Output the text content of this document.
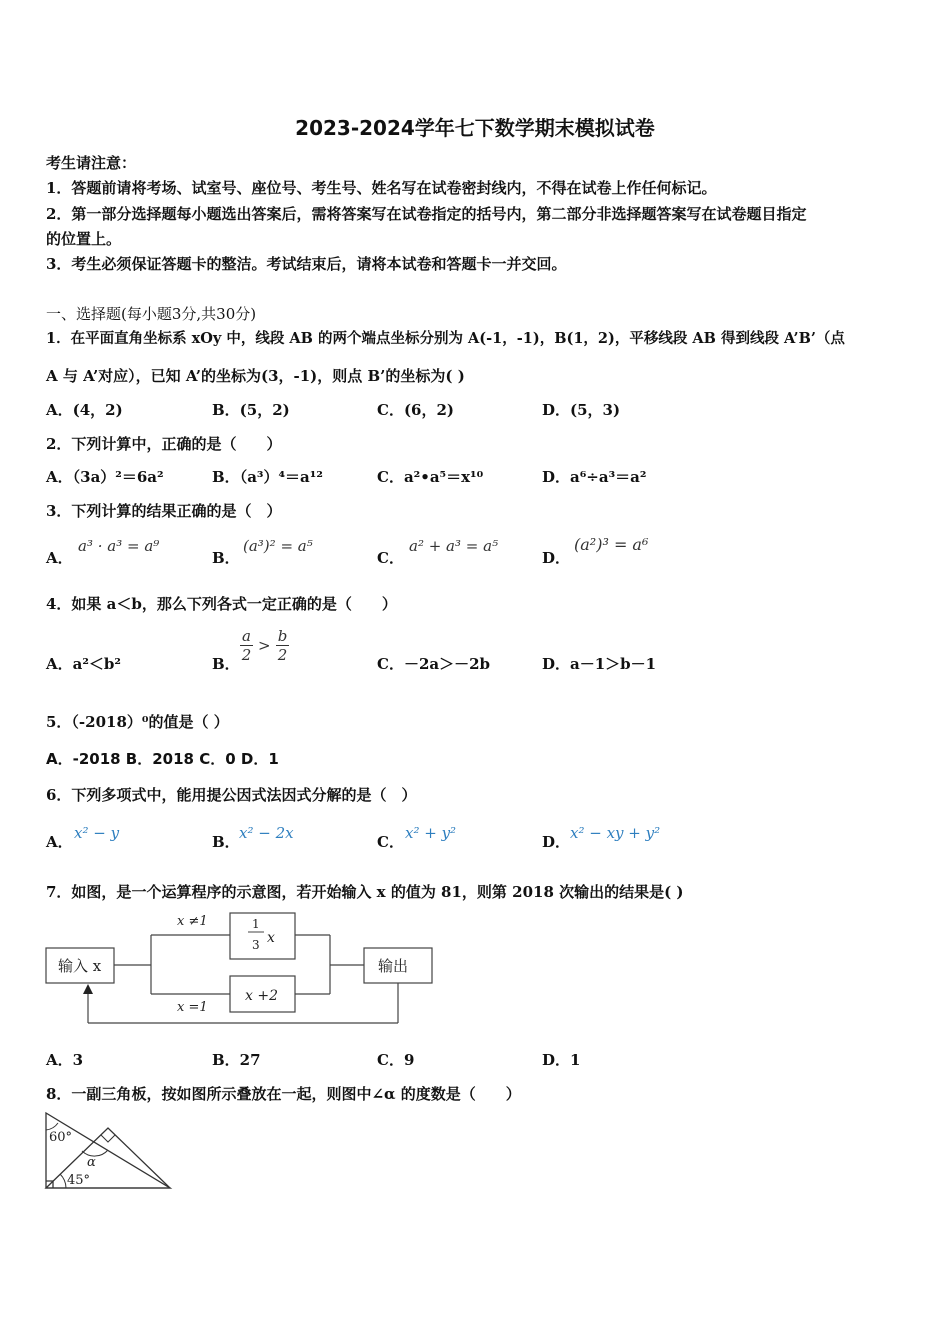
2023-2024学年七下数学期末模拟试卷
考生请注意：
1．答题前请将考场、试室号、座位号、考生号、姓名写在试卷密封线内，不得在试卷上作任何标记。
2．第一部分选择题每小题选出答案后，需将答案写在试卷指定的括号内，第二部分非选择题答案写在试卷题目指定
的位置上。
3．考生必须保证答题卡的整洁。考试结束后，请将本试卷和答题卡一并交回。
一、选择题(每小题3分,共30分)
1．在平面直角坐标系 xOy 中，线段 AB 的两个端点坐标分别为 A(-1，-1)，B(1，2)，平移线段 AB 得到线段 A’B’（点
A 与 A’对应），已知 A’的坐标为(3，-1)，则点 B’的坐标为( )
A．(4，2)	B．(5，2)	C．(6，2)	D．(5，3)
2．下列计算中，正确的是（　　）
A．（3a）²＝6a²	B．（a³）⁴＝a¹²	C．a²•a⁵＝x¹⁰	D．a⁶÷a³＝a²
3．下列计算的结果正确的是（　）
A．
a³ · a³ = a⁹
B．
(a³)² = a⁵
C．
a² + a³ = a⁵
D．
(a²)³ = a⁶
4．如果 a＜b，那么下列各式一定正确的是（　　）
A．a²＜b²	B． $\frac{a}{2} > \frac{b}{2}$	C．－2a＞－2b	D．a－1＞b－1
5．（-2018）⁰的值是（ ）
A．-2018 B．2018 C．0 D．1
6．下列多项式中，能用提公因式法因式分解的是（　）
A． x² − y	B． x² − 2x	C． x² + y²	D． x² − xy + y²
7．如图，是一个运算程序的示意图，若开始输入 x 的值为 81，则第 2018 次输出的结果是( )
输入 x	输出
x ≠1
x =1
1
3 x
x +2
A．3	B．27	C．9	D．1
8．一副三角板，按如图所示叠放在一起，则图中∠α 的度数是（　　）
60°
α
45°
